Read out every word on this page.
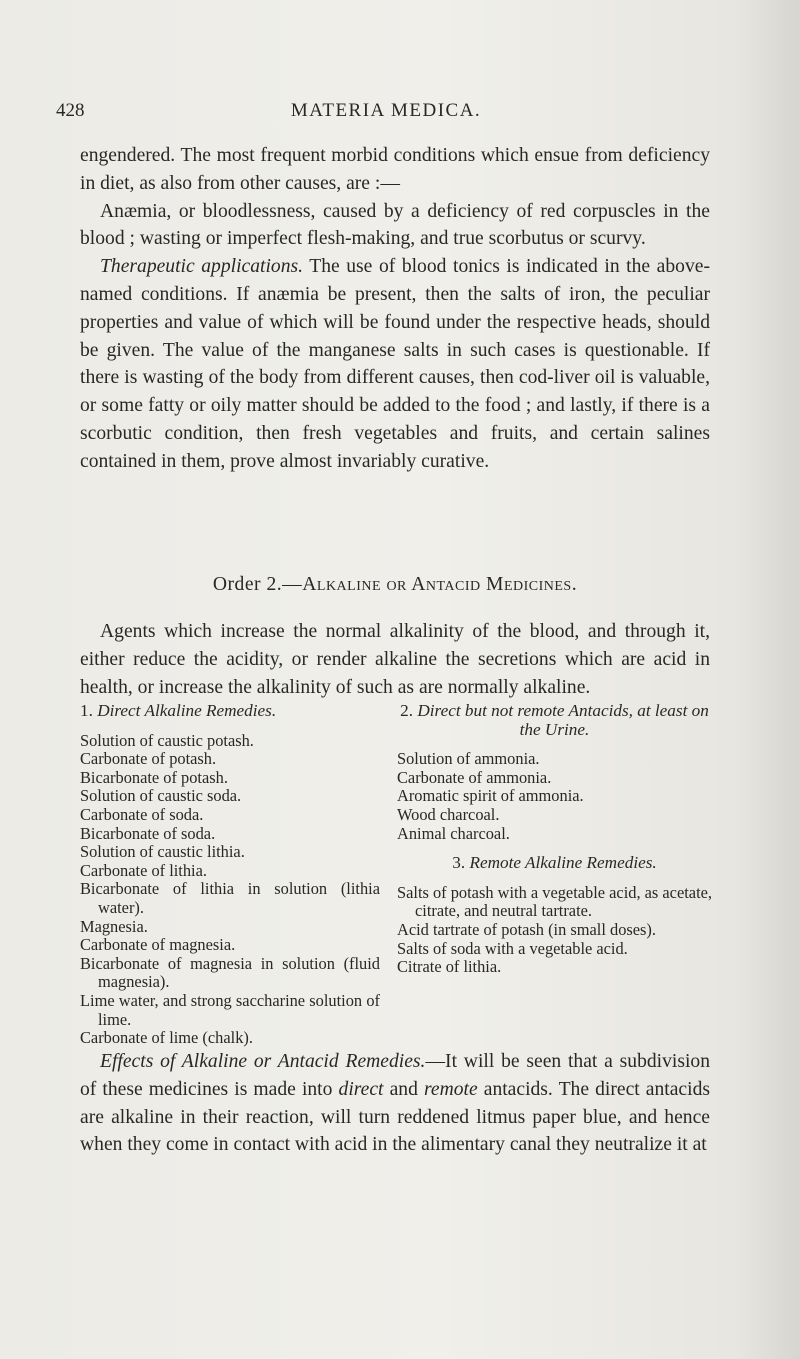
428	MATERIA MEDICA.

engendered. The most frequent morbid conditions which ensue from deficiency in diet, as also from other causes, are :—

Anæmia, or bloodlessness, caused by a deficiency of red corpuscles in the blood ; wasting or imperfect flesh-making, and true scorbutus or scurvy.

Therapeutic applications. The use of blood tonics is indicated in the above-named conditions. If anæmia be present, then the salts of iron, the peculiar properties and value of which will be found under the respective heads, should be given. The value of the manganese salts in such cases is questionable. If there is wasting of the body from different causes, then cod-liver oil is valuable, or some fatty or oily matter should be added to the food ; and lastly, if there is a scorbutic condition, then fresh vegetables and fruits, and certain salines contained in them, prove almost invariably curative.

Order 2.—Alkaline or Antacid Medicines.

Agents which increase the normal alkalinity of the blood, and through it, either reduce the acidity, or render alkaline the secretions which are acid in health, or increase the alkalinity of such as are normally alkaline.

1. Direct Alkaline Remedies.

Solution of caustic potash.

Carbonate of potash.

Bicarbonate of potash.

Solution of caustic soda.

Carbonate of soda.

Bicarbonate of soda.

Solution of caustic lithia.

Carbonate of lithia.

Bicarbonate of lithia in solution (lithia water).

Magnesia.

Carbonate of magnesia.

Bicarbonate of magnesia in solution (fluid magnesia).

Lime water, and strong saccharine solution of lime.

Carbonate of lime (chalk).

2. Direct but not remote Antacids, at least on the Urine.

Solution of ammonia.

Carbonate of ammonia.

Aromatic spirit of ammonia.

Wood charcoal.

Animal charcoal.

3. Remote Alkaline Remedies.

Salts of potash with a vegetable acid, as acetate, citrate, and neutral tartrate.

Acid tartrate of potash (in small doses).

Salts of soda with a vegetable acid.

Citrate of lithia.

Effects of Alkaline or Antacid Remedies.—It will be seen that a subdivision of these medicines is made into direct and remote antacids. The direct antacids are alkaline in their reaction, will turn reddened litmus paper blue, and hence when they come in contact with acid in the alimentary canal they neutralize it at
